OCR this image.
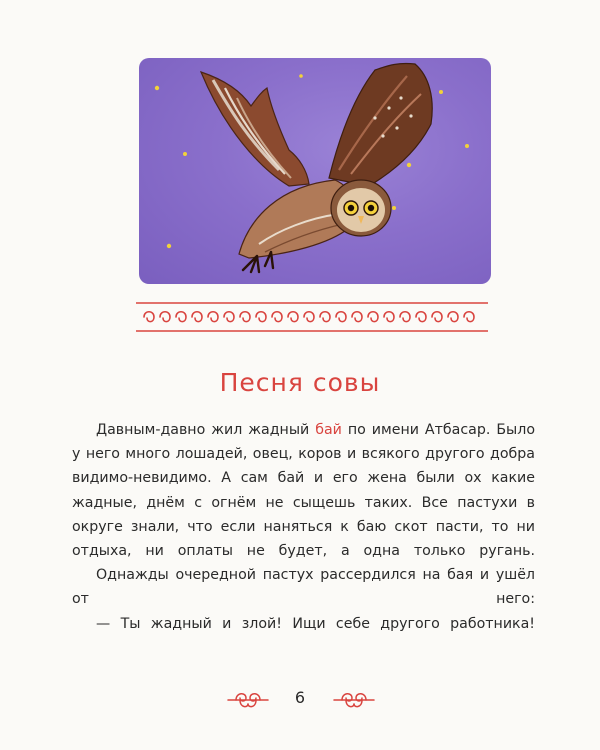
Песня совы

Давным-давно жил жадный бай по имени Атбасар. Было у него много лошадей, овец, коров и всякого другого добра видимо-невидимо. А сам бай и его жена были ох какие жадные, днём с огнём не сыщешь таких. Все пастухи в округе знали, что если наняться к баю скот пасти, то ни отдыха, ни оплаты не будет, а одна только ругань.

Однажды очередной пастух рассердился на бая и ушёл от него:

— Ты жадный и злой! Ищи себе другого работника!

6
